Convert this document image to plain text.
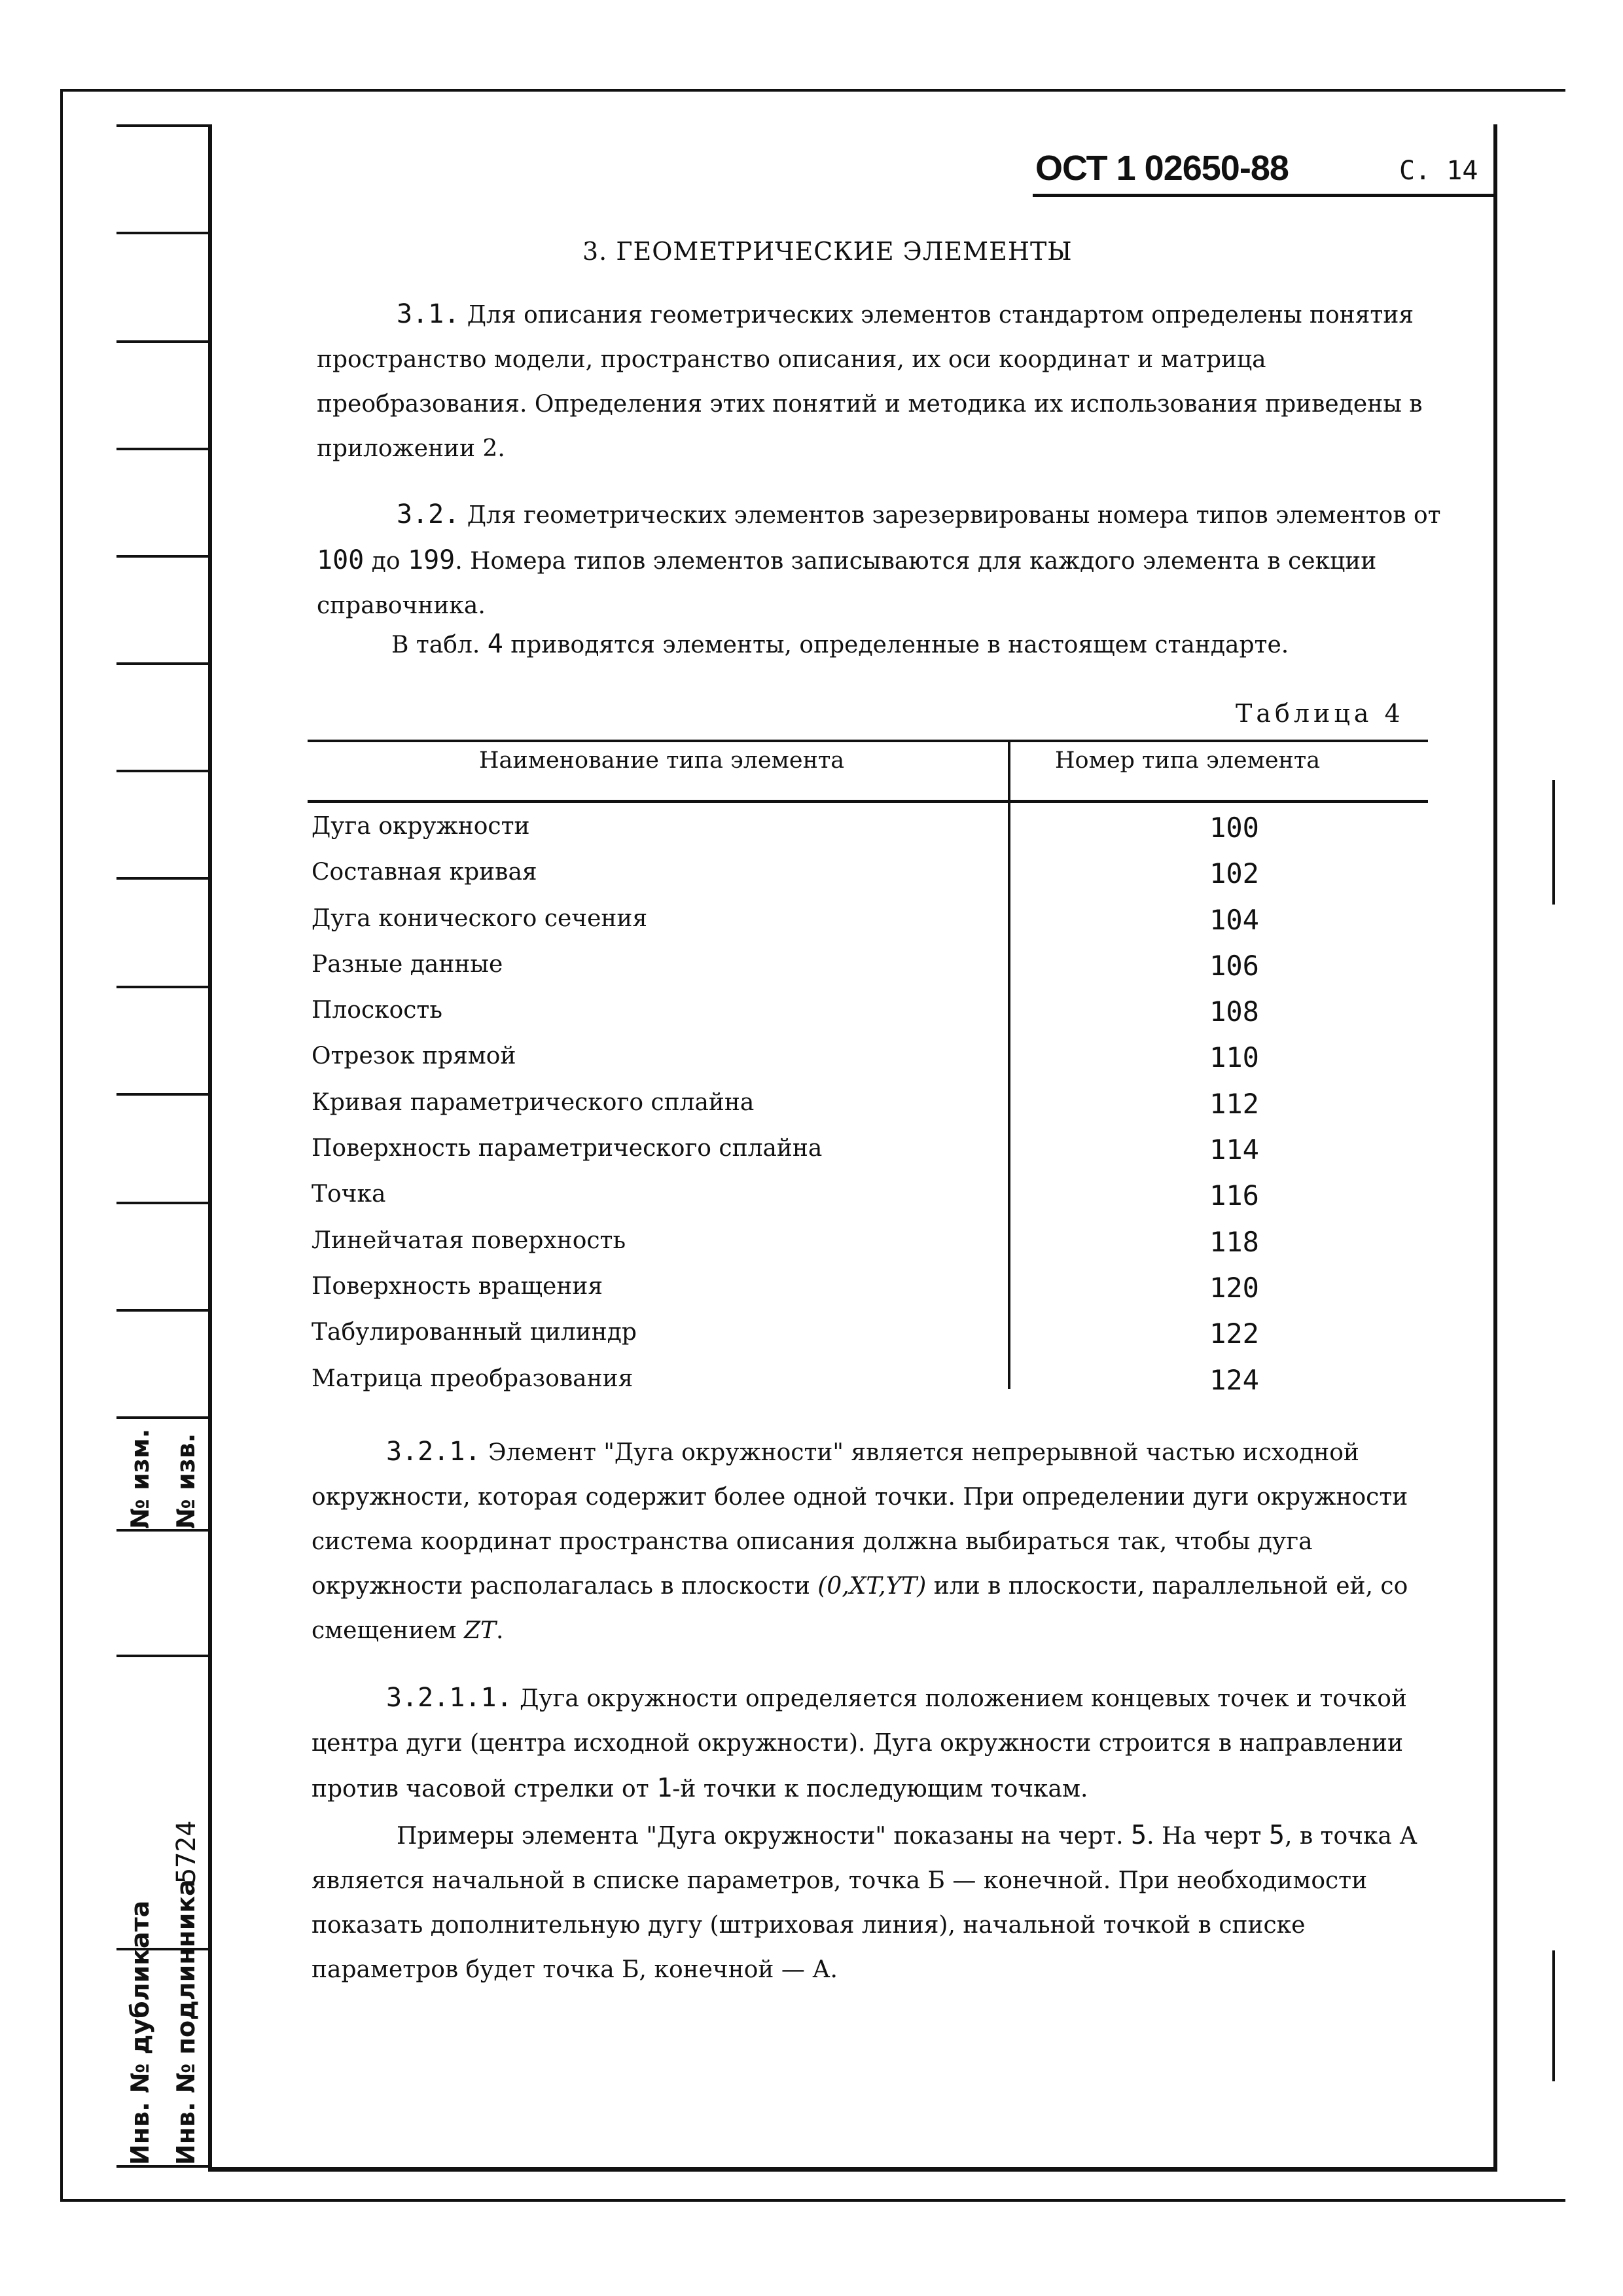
№ изм. № изв.
5724
Инв. № дубликата Инв. № подлинника
ОСТ 1 02650-88	С. 14
3. ГЕОМЕТРИЧЕСКИЕ ЭЛЕМЕНТЫ

3.1. Для описания геометрических элементов стандартом определены понятия пространство модели, пространство описания, их оси координат и матрица преобразования. Определения этих понятий и методика их использования приведены в приложении 2.

3.2. Для геометрических элементов зарезервированы номера типов элементов от 100 до 199. Номера типов элементов записываются для каждого элемента в секции справочника.

В табл. 4 приводятся элементы, определенные в настоящем стандарте.

Таблица 4
Наименование типа элемента	Номер типа элемента
Дуга окружности	100
Составная кривая	102
Дуга конического сечения	104
Разные данные	106
Плоскость	108
Отрезок прямой	110
Кривая параметрического сплайна	112
Поверхность параметрического сплайна	114
Точка	116
Линейчатая поверхность	118
Поверхность вращения	120
Табулированный цилиндр	122
Матрица преобразования	124

3.2.1. Элемент "Дуга окружности" является непрерывной частью исходной окружности, которая содержит более одной точки. При определении дуги окружности система координат пространства описания должна выбираться так, чтобы дуга окружности располагалась в плоскости (0,XT,YT) или в плоскости, параллельной ей, со смещением ZT.

3.2.1.1. Дуга окружности определяется положением концевых точек и точкой центра дуги (центра исходной окружности). Дуга окружности строится в направлении против часовой стрелки от 1-й точки к последующим точкам.

Примеры элемента "Дуга окружности" показаны на черт. 5. На черт 5, в точка А является начальной в списке параметров, точка Б — конечной. При необходимости показать дополнительную дугу (штриховая линия), начальной точкой в списке параметров будет точка Б, конечной — А.
